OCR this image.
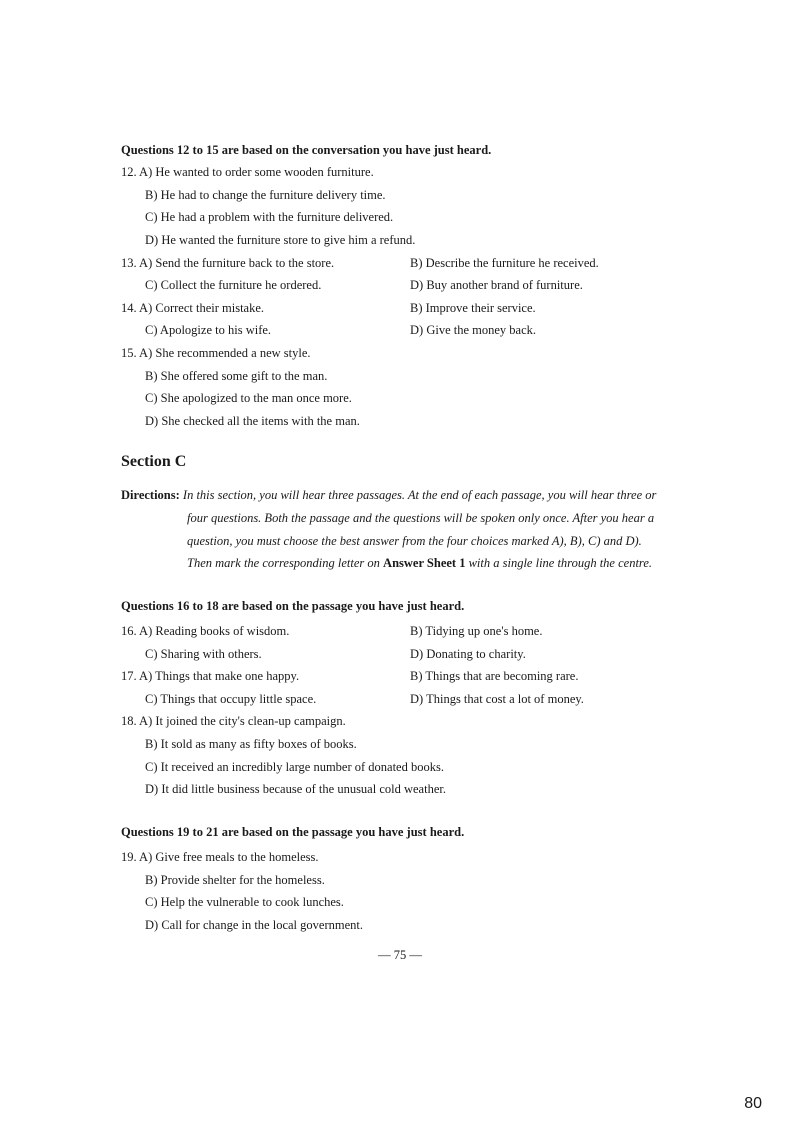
Questions 12 to 15 are based on the conversation you have just heard.
12. A) He wanted to order some wooden furniture.
B) He had to change the furniture delivery time.
C) He had a problem with the furniture delivered.
D) He wanted the furniture store to give him a refund.
13. A) Send the furniture back to the store.	B) Describe the furniture he received.
C) Collect the furniture he ordered.	D) Buy another brand of furniture.
14. A) Correct their mistake.	B) Improve their service.
C) Apologize to his wife.	D) Give the money back.
15. A) She recommended a new style.
B) She offered some gift to the man.
C) She apologized to the man once more.
D) She checked all the items with the man.
Section C
Directions: In this section, you will hear three passages. At the end of each passage, you will hear three or
four questions. Both the passage and the questions will be spoken only once. After you hear a
question, you must choose the best answer from the four choices marked A), B), C) and D).
Then mark the corresponding letter on Answer Sheet 1 with a single line through the centre.
Questions 16 to 18 are based on the passage you have just heard.
16. A) Reading books of wisdom.	B) Tidying up one's home.
C) Sharing with others.	D) Donating to charity.
17. A) Things that make one happy.	B) Things that are becoming rare.
C) Things that occupy little space.	D) Things that cost a lot of money.
18. A) It joined the city's clean-up campaign.
B) It sold as many as fifty boxes of books.
C) It received an incredibly large number of donated books.
D) It did little business because of the unusual cold weather.
Questions 19 to 21 are based on the passage you have just heard.
19. A) Give free meals to the homeless.
B) Provide shelter for the homeless.
C) Help the vulnerable to cook lunches.
D) Call for change in the local government.
— 75 —
80
